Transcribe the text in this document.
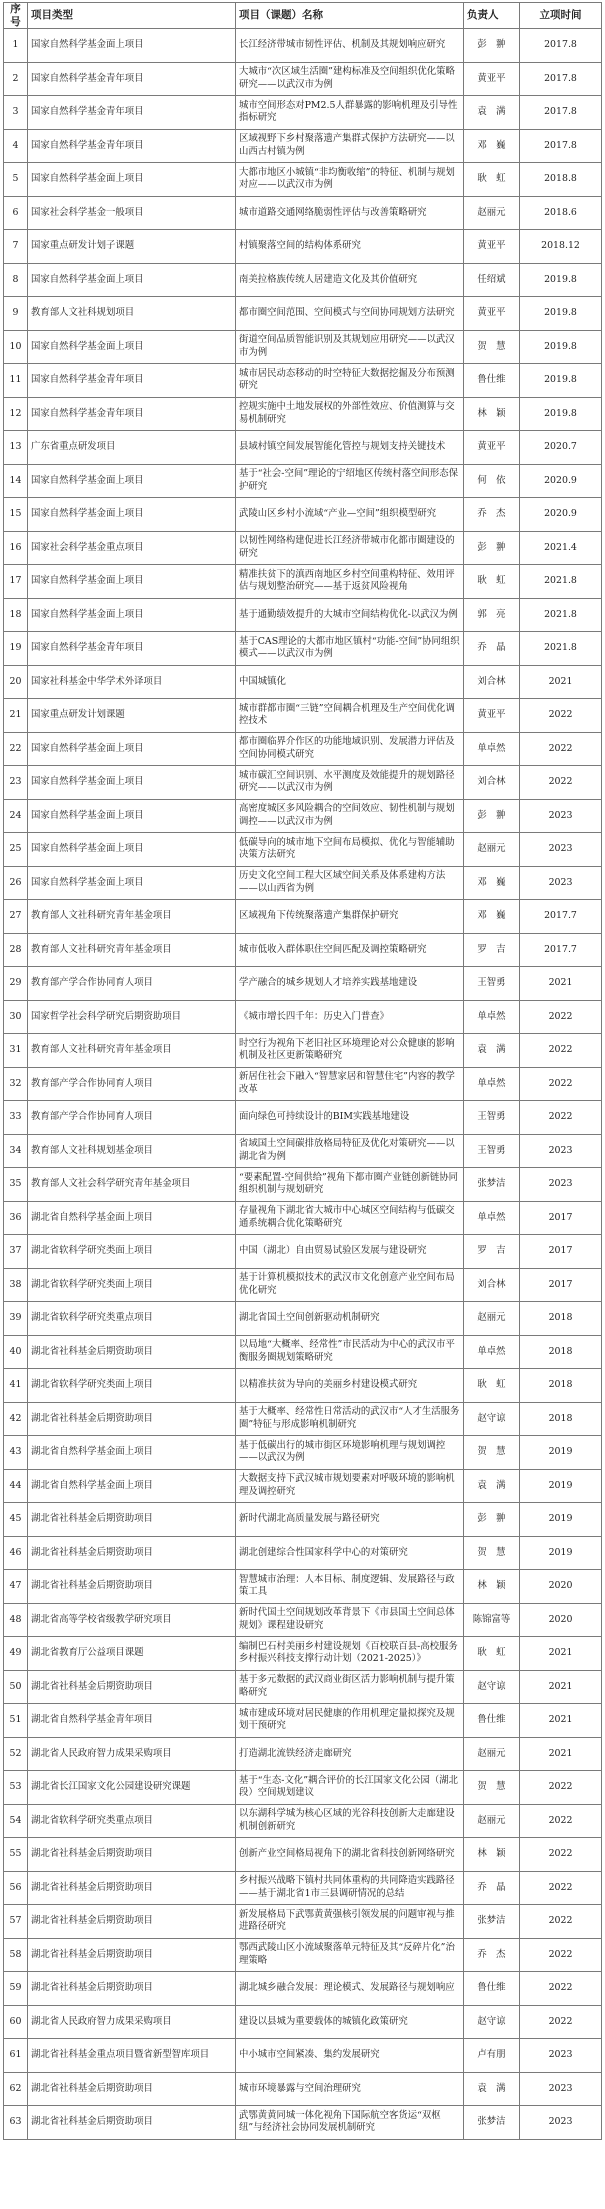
序号	项目类型	项目（课题）名称	负责人	立项时间
1	国家自然科学基金面上项目	长江经济带城市韧性评估、机制及其规划响应研究	彭　翀	2017.8
2	国家自然科学基金青年项目	大城市“次区域生活圈”建构标准及空间组织优化策略研究——以武汉市为例	黄亚平	2017.8
3	国家自然科学基金青年项目	城市空间形态对PM2.5人群暴露的影响机理及引导性指标研究	袁　满	2017.8
4	国家自然科学基金青年项目	区域视野下乡村聚落遗产集群式保护方法研究——以山西古村镇为例	邓　巍	2017.8
5	国家自然科学基金面上项目	大都市地区小城镇“非均衡收缩”的特征、机制与规划对应——以武汉市为例	耿　虹	2018.8
6	国家社会科学基金一般项目	城市道路交通网络脆弱性评估与改善策略研究	赵丽元	2018.6
7	国家重点研发计划子课题	村镇聚落空间的结构体系研究	黄亚平	2018.12
8	国家自然科学基金面上项目	南美拉格族传统人居建造文化及其价值研究	任绍斌	2019.8
9	教育部人文社科规划项目	都市圈空间范围、空间模式与空间协同规划方法研究	黄亚平	2019.8
10	国家自然科学基金面上项目	街道空间品质智能识别及其规划应用研究——以武汉市为例	贺　慧	2019.8
11	国家自然科学基金青年项目	城市居民动态移动的时空特征大数据挖掘及分布预测研究	鲁仕维	2019.8
12	国家自然科学基金青年项目	控规实施中土地发展权的外部性效应、价值测算与交易机制研究	林　颖	2019.8
13	广东省重点研发项目	县域村镇空间发展智能化管控与规划支持关键技术	黄亚平	2020.7
14	国家自然科学基金面上项目	基于“社会-空间”理论的宁绍地区传统村落空间形态保护研究	何　依	2020.9
15	国家自然科学基金面上项目	武陵山区乡村小流域“产业—空间”组织模型研究	乔　杰	2020.9
16	国家社会科学基金重点项目	以韧性网络构建促进长江经济带城市化都市圈建设的研究	彭　翀	2021.4
17	国家自然科学基金面上项目	精准扶贫下的滇西南地区乡村空间重构特征、效用评估与规划整治研究——基于返贫风险视角	耿　虹	2021.8
18	国家自然科学基金面上项目	基于通勤绩效提升的大城市空间结构优化-以武汉为例	郭　亮	2021.8
19	国家自然科学基金青年项目	基于CAS理论的大都市地区镇村“功能-空间”协同组织模式——以武汉市为例	乔　晶	2021.8
20	国家社科基金中华学术外译项目	中国城镇化	刘合林	2021
21	国家重点研发计划课题	城市群都市圈“三链”空间耦合机理及生产空间优化调控技术	黄亚平	2022
22	国家自然科学基金面上项目	都市圈临界介作区的功能地域识别、发展潜力评估及空间协同模式研究	单卓然	2022
23	国家自然科学基金面上项目	城市碳汇空间识别、水平测度及效能提升的规划路径研究——以武汉市为例	刘合林	2022
24	国家自然科学基金面上项目	高密度城区多风险耦合的空间效应、韧性机制与规划调控——以武汉市为例	彭　翀	2023
25	国家自然科学基金面上项目	低碳导向的城市地下空间布局模拟、优化与智能辅助决策方法研究	赵丽元	2023
26	国家自然科学基金面上项目	历史文化空间工程大区域空间关系及体系建构方法——以山西省为例	邓　巍	2023
27	教育部人文社科研究青年基金项目	区域视角下传统聚落遗产集群保护研究	邓　巍	2017.7
28	教育部人文社科研究青年基金项目	城市低收入群体职住空间匹配及调控策略研究	罗　吉	2017.7
29	教育部产学合作协同育人项目	学产融合的城乡规划人才培养实践基地建设	王智勇	2021
30	国家哲学社会科学研究后期资助项目	《城市增长四千年：历史入门普查》	单卓然	2022
31	教育部人文社科研究青年基金项目	时空行为视角下老旧社区环境理论对公众健康的影响机制及社区更新策略研究	袁　满	2022
32	教育部产学合作协同育人项目	新居住社会下融入“智慧家居和智慧住宅”内容的教学改革	单卓然	2022
33	教育部产学合作协同育人项目	面向绿色可持续设计的BIM实践基地建设	王智勇	2022
34	教育部人文社科规划基金项目	省域国土空间碳排放格局特征及优化对策研究——以湖北省为例	王智勇	2023
35	教育部人文社会科学研究青年基金项目	“要素配置-空间供给”视角下都市圈产业链创新链协同组织机制与规划研究	张梦洁	2023
36	湖北省自然科学基金面上项目	存量视角下湖北省大城市中心城区空间结构与低碳交通系统耦合优化策略研究	单卓然	2017
37	湖北省软科学研究类面上项目	中国（湖北）自由贸易试验区发展与建设研究	罗　吉	2017
38	湖北省软科学研究类面上项目	基于计算机模拟技术的武汉市文化创意产业空间布局优化研究	刘合林	2017
39	湖北省软科学研究类重点项目	湖北省国土空间创新驱动机制研究	赵丽元	2018
40	湖北省社科基金后期资助项目	以局地“大概率、经常性”市民活动为中心的武汉市平衡服务圈规划策略研究	单卓然	2018
41	湖北省软科学研究类面上项目	以精准扶贫为导向的美丽乡村建设模式研究	耿　虹	2018
42	湖北省社科基金后期资助项目	基于大概率、经常性日常活动的武汉市“人才生活服务圈”特征与形成影响机制研究	赵守谅	2018
43	湖北省自然科学基金面上项目	基于低碳出行的城市街区环境影响机理与规划调控——以武汉为例	贺　慧	2019
44	湖北省自然科学基金面上项目	大数据支持下武汉城市规划要素对呼吸环境的影响机理及调控研究	袁　满	2019
45	湖北省社科基金后期资助项目	新时代湖北高质量发展与路径研究	彭　翀	2019
46	湖北省社科基金后期资助项目	湖北创建综合性国家科学中心的对策研究	贺　慧	2019
47	湖北省社科基金后期资助项目	智慧城市治理：人本目标、制度逻辑、发展路径与政策工具	林　颖	2020
48	湖北省高等学校省级教学研究项目	新时代国土空间规划改革背景下《市县国土空间总体规划》课程建设研究	陈锦富等	2020
49	湖北省教育厅公益项目课题	编制巴石村美丽乡村建设规划《百校联百县-高校服务乡村振兴科技支撑行动计划（2021-2025）》	耿　虹	2021
50	湖北省社科基金后期资助项目	基于多元数据的武汉商业街区活力影响机制与提升策略研究	赵守谅	2021
51	湖北省自然科学基金青年项目	城市建成环境对居民健康的作用机理定量拟探究及规划干预研究	鲁仕维	2021
52	湖北省人民政府智力成果采购项目	打造湖北流铁经济走廊研究	赵丽元	2021
53	湖北省长江国家文化公园建设研究课题	基于“生态-文化”耦合评价的长江国家文化公园（湖北段）空间规划建议	贺　慧	2022
54	湖北省软科学研究类重点项目	以东湖科学城为核心区域的光谷科技创新大走廊建设机制创新研究	赵丽元	2022
55	湖北省社科基金后期资助项目	创新产业空间格局视角下的湖北省科技创新网络研究	林　颖	2022
56	湖北省社科基金后期资助项目	乡村振兴战略下镇村共同体重构的共同降造实践路径——基于湖北省1市三县调研情况的总结	乔　晶	2022
57	湖北省社科基金后期资助项目	新发展格局下武鄂黄黄强核引领发展的问题审视与推进路径研究	张梦洁	2022
58	湖北省社科基金后期资助项目	鄂西武陵山区小流域聚落单元特征及其“反碎片化”治理策略	乔　杰	2022
59	湖北省社科基金后期资助项目	湖北城乡融合发展：理论模式、发展路径与规划响应	鲁仕维	2022
60	湖北省人民政府智力成果采购项目	建设以县城为重要载体的城镇化政策研究	赵守谅	2022
61	湖北省社科基金重点项目暨省新型智库项目	中小城市空间紧凑、集约发展研究	卢有朋	2023
62	湖北省社科基金后期资助项目	城市环境暴露与空间治理研究	袁　满	2023
63	湖北省社科基金后期资助项目	武鄂黄黄同城一体化视角下国际航空客货运“双枢纽”与经济社会协同发展机制研究	张梦洁	2023
